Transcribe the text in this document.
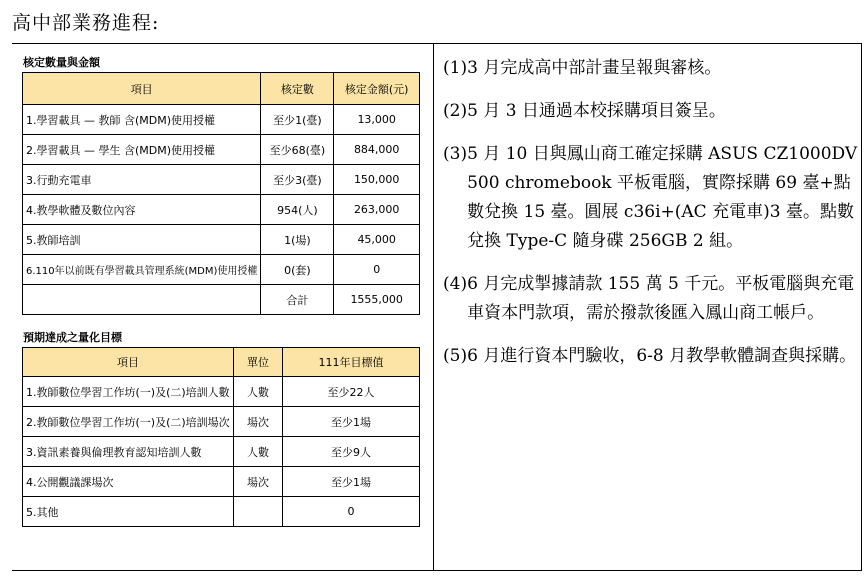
高中部業務進程:
核定數量與金額
項目	核定數	核定金額(元)
1.學習載具 — 教師 含(MDM)使用授權	至少1(臺)	13,000
2.學習載具 — 學生 含(MDM)使用授權	至少68(臺)	884,000
3.行動充電車	至少3(臺)	150,000
4.教學軟體及數位內容	954(人)	263,000
5.教師培訓	1(場)	45,000
6.110年以前既有學習載具管理系統(MDM)使用授權	0(套)	0
	合計	1555,000
預期達成之量化目標
項目	單位	111年目標值
1.教師數位學習工作坊(一)及(二)培訓人數	人數	至少22人
2.教師數位學習工作坊(一)及(二)培訓場次	場次	至少1場
3.資訊素養與倫理教育認知培訓人數	人數	至少9人
4.公開觀議課場次	場次	至少1場
5.其他		0
(1) 3 月完成高中部計畫呈報與審核。
(2) 5 月 3 日通過本校採購項目簽呈。
(3) 5 月 10 日與鳳山商工確定採購 ASUS CZ1000DV 500 chromebook 平板電腦，實際採購 69 臺+點數兌換 15 臺。圓展 c36i+(AC 充電車)3 臺。點數兌換 Type-C 隨身碟 256GB 2 組。
(4) 6 月完成掣據請款 155 萬 5 千元。平板電腦與充電車資本門款項，需於撥款後匯入鳳山商工帳戶。
(5) 6 月進行資本門驗收，6-8 月教學軟體調查與採購。
